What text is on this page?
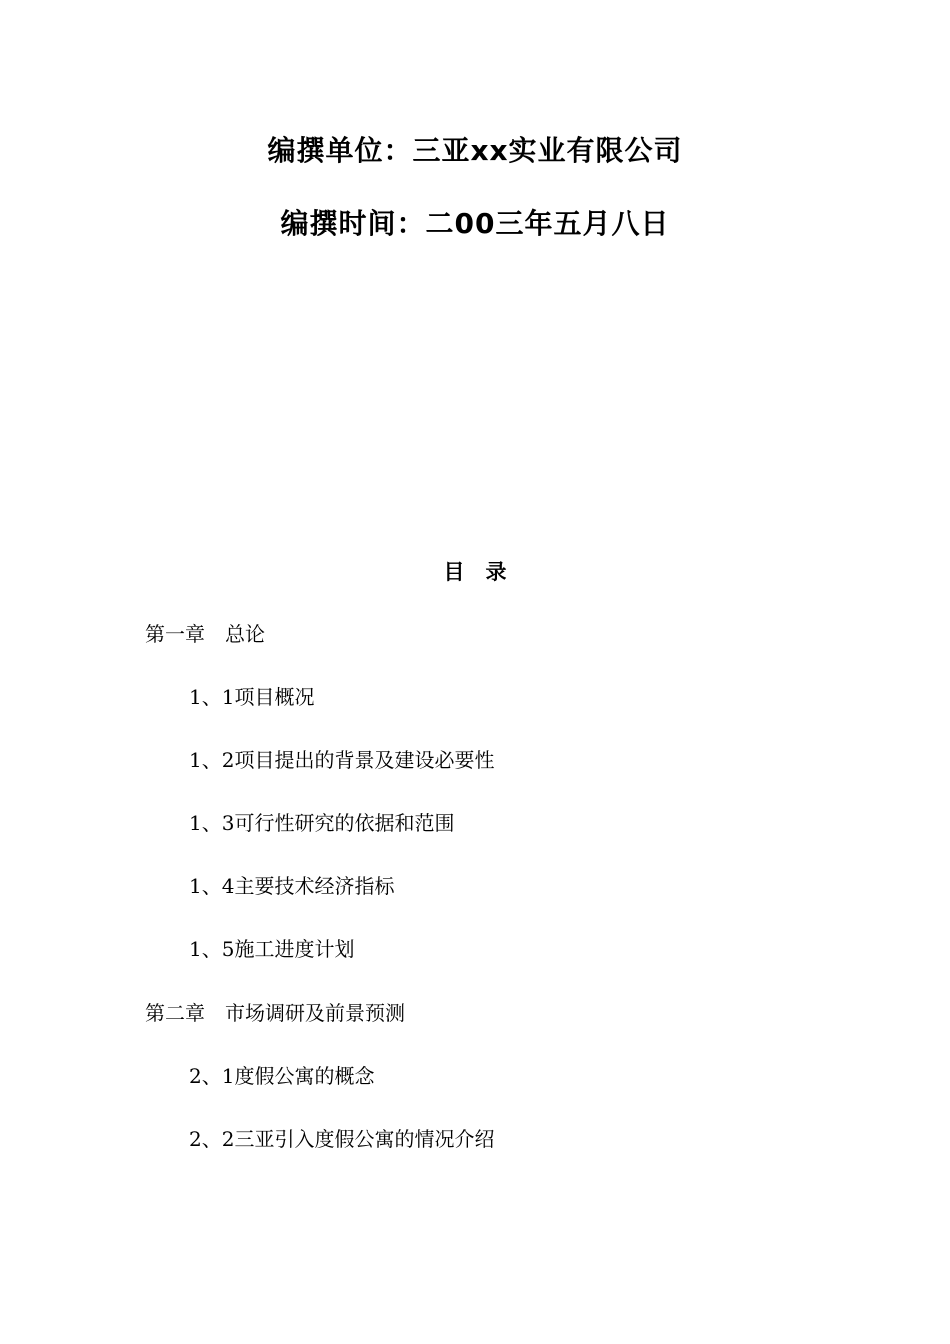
编撰单位：三亚xx实业有限公司
编撰时间：二00三年五月八日
目　录
第一章　总论
1、1项目概况
1、2项目提出的背景及建设必要性
1、3可行性研究的依据和范围
1、4主要技术经济指标
1、5施工进度计划
第二章　市场调研及前景预测
2、1度假公寓的概念
2、2三亚引入度假公寓的情况介绍
